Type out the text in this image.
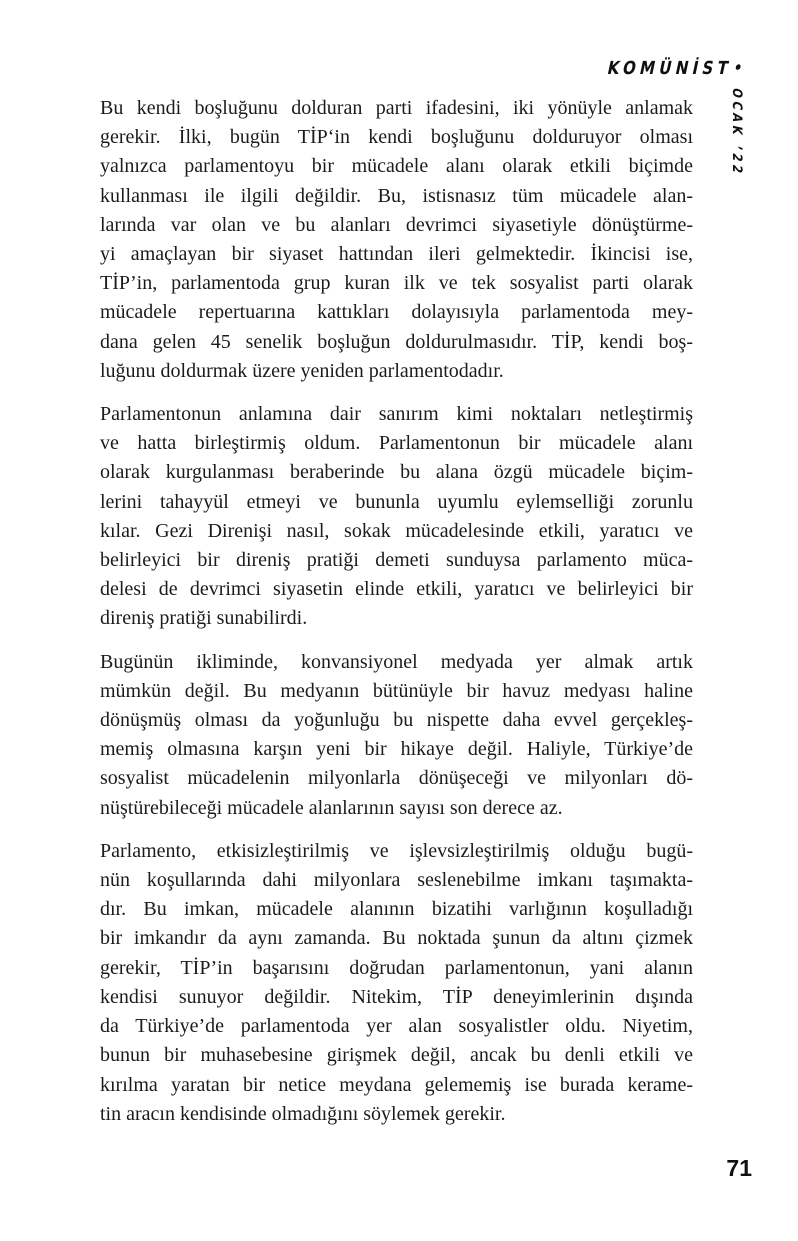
KOMÜNİST•
OCAK ’22

Bu kendi boşluğunu dolduran parti ifadesini, iki yönüyle anlamak
gerekir. İlki, bugün TİP‘in kendi boşluğunu dolduruyor olması
yalnızca parlamentoyu bir mücadele alanı olarak etkili biçimde
kullanması ile ilgili değildir. Bu, istisnasız tüm mücadele alan-
larında var olan ve bu alanları devrimci siyasetiyle dönüştürme-
yi amaçlayan bir siyaset hattından ileri gelmektedir. İkincisi ise,
TİP’in, parlamentoda grup kuran ilk ve tek sosyalist parti olarak
mücadele repertuarına kattıkları dolayısıyla parlamentoda mey-
dana gelen 45 senelik boşluğun doldurulmasıdır. TİP, kendi boş-
luğunu doldurmak üzere yeniden parlamentodadır.

Parlamentonun anlamına dair sanırım kimi noktaları netleştirmiş
ve hatta birleştirmiş oldum. Parlamentonun bir mücadele alanı
olarak kurgulanması beraberinde bu alana özgü mücadele biçim-
lerini tahayyül etmeyi ve bununla uyumlu eylemselliği zorunlu
kılar. Gezi Direnişi nasıl, sokak mücadelesinde etkili, yaratıcı ve
belirleyici bir direniş pratiği demeti sunduysa parlamento müca-
delesi de devrimci siyasetin elinde etkili, yaratıcı ve belirleyici bir
direniş pratiği sunabilirdi.

Bugünün ikliminde, konvansiyonel medyada yer almak artık
mümkün değil. Bu medyanın bütünüyle bir havuz medyası haline
dönüşmüş olması da yoğunluğu bu nispette daha evvel gerçekleş-
memiş olmasına karşın yeni bir hikaye değil. Haliyle, Türkiye’de
sosyalist mücadelenin milyonlarla dönüşeceği ve milyonları dö-
nüştürebileceği mücadele alanlarının sayısı son derece az.

Parlamento, etkisizleştirilmiş ve işlevsizleştirilmiş olduğu bugü-
nün koşullarında dahi milyonlara seslenebilme imkanı taşımakta-
dır. Bu imkan, mücadele alanının bizatihi varlığının koşulladığı
bir imkandır da aynı zamanda. Bu noktada şunun da altını çizmek
gerekir, TİP’in başarısını doğrudan parlamentonun, yani alanın
kendisi sunuyor değildir. Nitekim, TİP deneyimlerinin dışında
da Türkiye’de parlamentoda yer alan sosyalistler oldu. Niyetim,
bunun bir muhasebesine girişmek değil, ancak bu denli etkili ve
kırılma yaratan bir netice meydana gelememiş ise burada kerame-
tin aracın kendisinde olmadığını söylemek gerekir.

71
